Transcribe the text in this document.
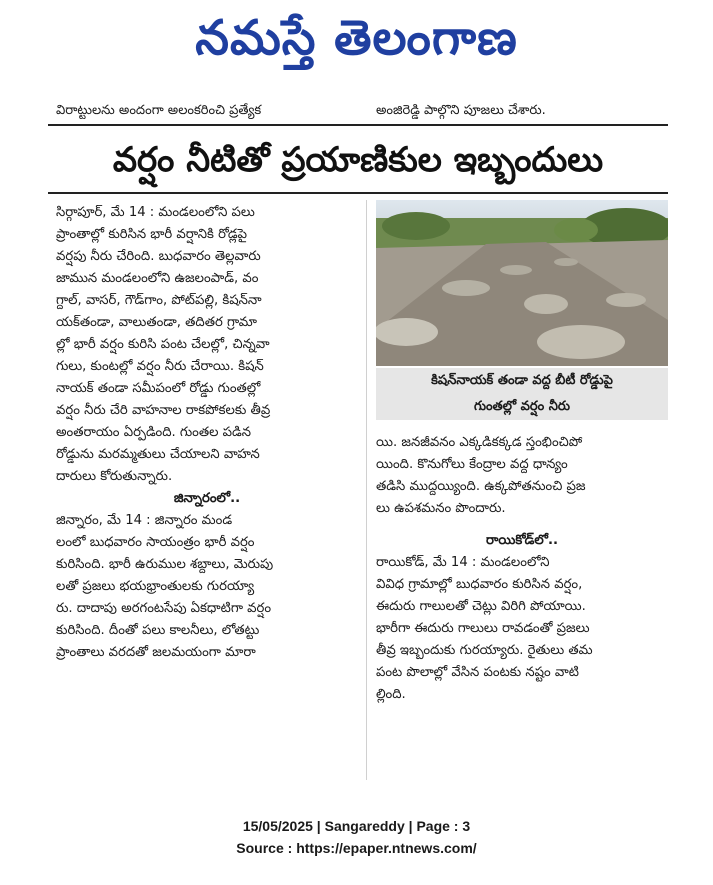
నమస్తే తెలంగాణ
విరాట్టులను అందంగా అలంకరించి ప్రత్యేక	అంజిరెడ్డి పాల్గొని పూజలు చేశారు.
వర్షం నీటితో ప్రయాణికుల ఇబ్బందులు
సిర్గాపూర్, మే 14 : మండలంలోని పలు
ప్రాంతాల్లో కురిసిన భారీ వర్షానికి రోడ్లపై
వర్షపు నీరు చేరింది. బుధవారం తెల్లవారు
జామున మండలంలోని ఉజలంపాడ్, వం
గ్దాల్, వాసర్, గౌడ్‌గాం, పోట్‌పల్లి, కిషన్‌నా
యక్‌తండా, వాలుతండా, తదితర గ్రామా
ల్లో భారీ వర్షం కురిసి పంట చేలల్లో, చిన్నవా
గులు, కుంటల్లో వర్షం నీరు చేరాయి. కిషన్
నాయక్ తండా సమీపంలో రోడ్డు గుంతల్లో
వర్షం నీరు చేరి వాహనాల రాకపోకలకు తీవ్ర
అంతరాయం ఏర్పడింది. గుంతల పడిన
రోడ్డును మరమ్మతులు చేయాలని వాహన
దారులు కోరుతున్నారు.
జిన్నారంలో..
జిన్నారం, మే 14 : జిన్నారం మండ
లంలో బుధవారం సాయంత్రం భారీ వర్షం
కురిసింది. భారీ ఉరుముల శబ్దాలు, మెరుపు
లతో ప్రజలు భయభ్రాంతులకు గురయ్యా
రు. దాదాపు అరగంటసేపు ఏకధాటిగా వర్షం
కురిసింది. దీంతో పలు కాలనీలు, లోతట్టు
ప్రాంతాలు వరదతో జలమయంగా మారా
కిషన్‌నాయక్ తండా వద్ద బీటీ రోడ్డుపై
గుంతల్లో వర్షం నీరు
యి. జనజీవనం ఎక్కడికక్కడ స్తంభించిపో
యింది. కొనుగోలు కేంద్రాల వద్ద ధాన్యం
తడిసి ముద్దయ్యింది. ఉక్కపోతనుంచి ప్రజ
లు ఉపశమనం పొందారు.
రాయికోడ్‌లో..
రాయికోడ్, మే 14 : మండలంలోని
వివిధ గ్రామాల్లో బుధవారం కురిసిన వర్షం,
ఈదురు గాలులతో చెట్లు విరిగి పోయాయి.
భారీగా ఈదురు గాలులు రావడంతో ప్రజలు
తీవ్ర ఇబ్బందుకు గురయ్యారు. రైతులు తమ
పంట పొలాల్లో వేసిన పంటకు నష్టం వాటి
ల్లింది.
15/05/2025 | Sangareddy | Page : 3
Source : https://epaper.ntnews.com/
